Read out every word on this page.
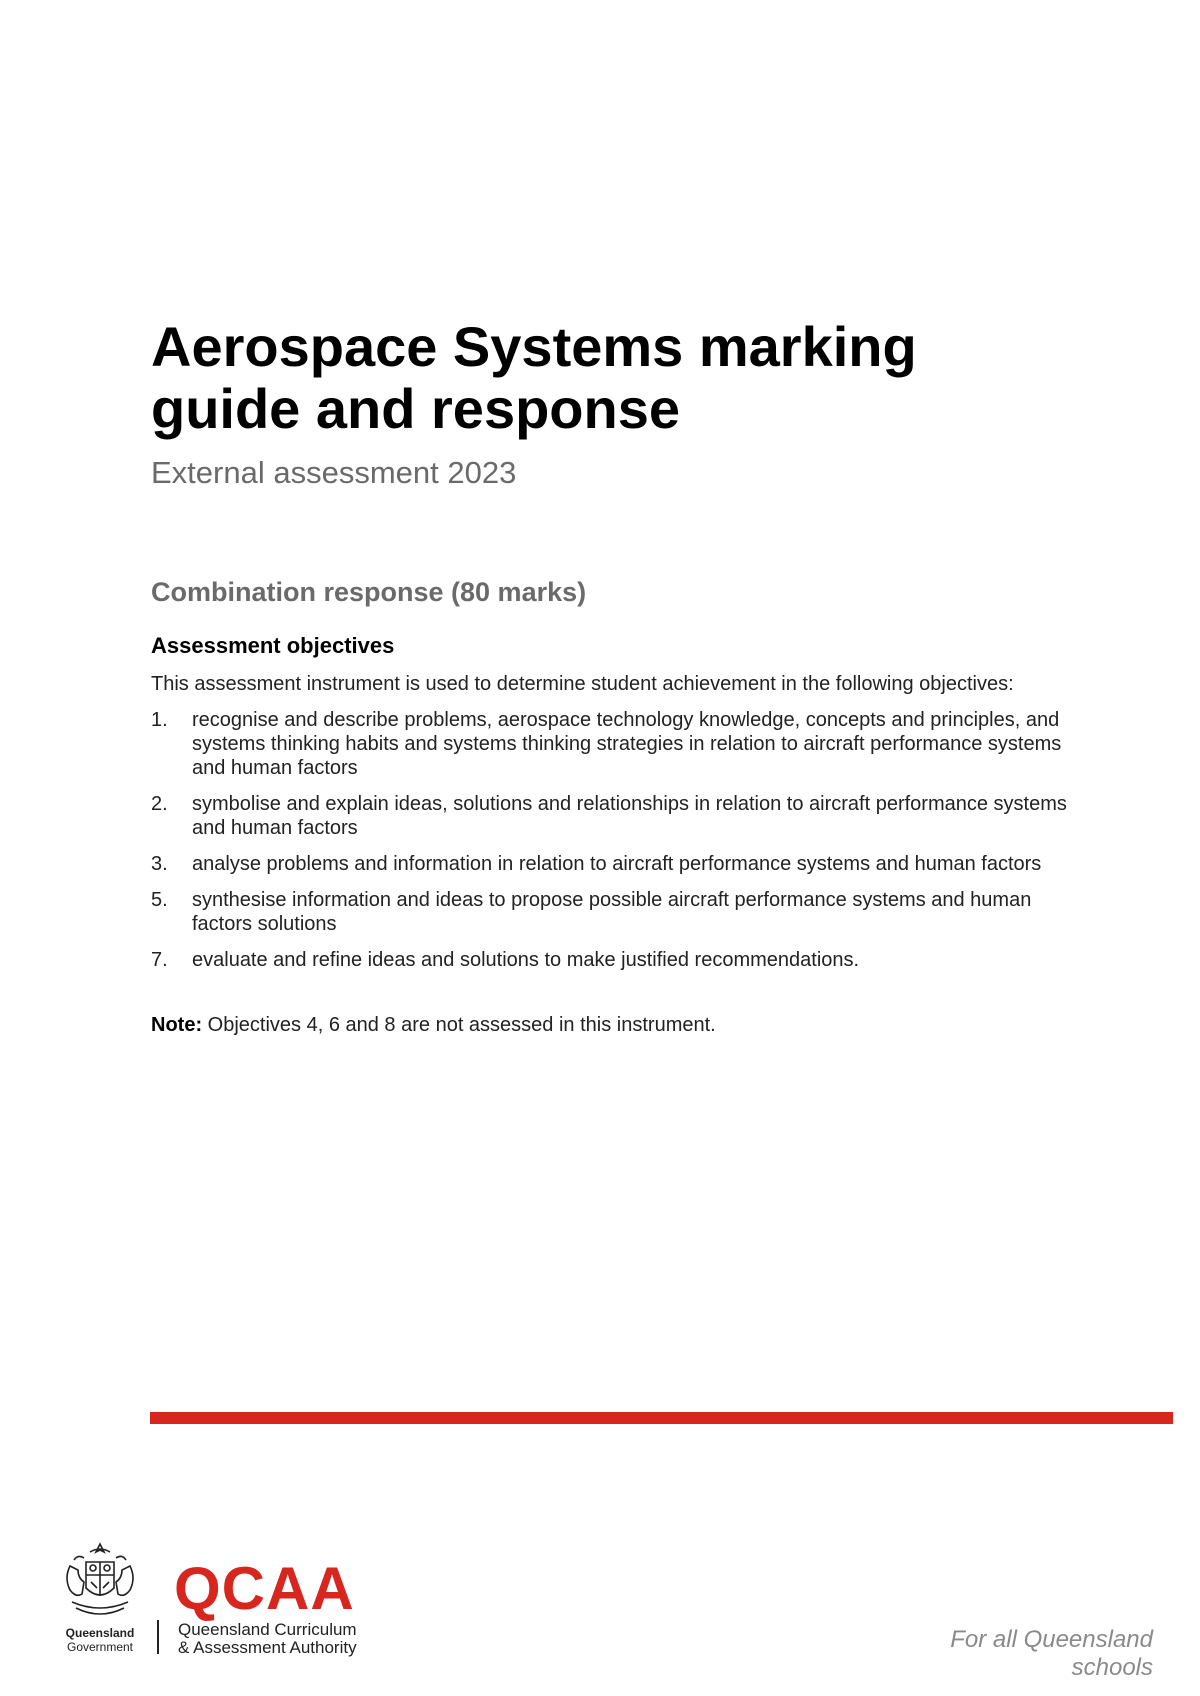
Aerospace Systems marking guide and response
External assessment 2023
Combination response (80 marks)
Assessment objectives

This assessment instrument is used to determine student achievement in the following objectives:

1.	recognise and describe problems, aerospace technology knowledge, concepts and principles, and systems thinking habits and systems thinking strategies in relation to aircraft performance systems and human factors
2.	symbolise and explain ideas, solutions and relationships in relation to aircraft performance systems and human factors
3.	analyse problems and information in relation to aircraft performance systems and human factors
5.	synthesise information and ideas to propose possible aircraft performance systems and human factors solutions
7.	evaluate and refine ideas and solutions to make justified recommendations.

Note: Objectives 4, 6 and 8 are not assessed in this instrument.

Queensland
Government
QCAA
Queensland Curriculum
& Assessment Authority	For all Queensland schools
